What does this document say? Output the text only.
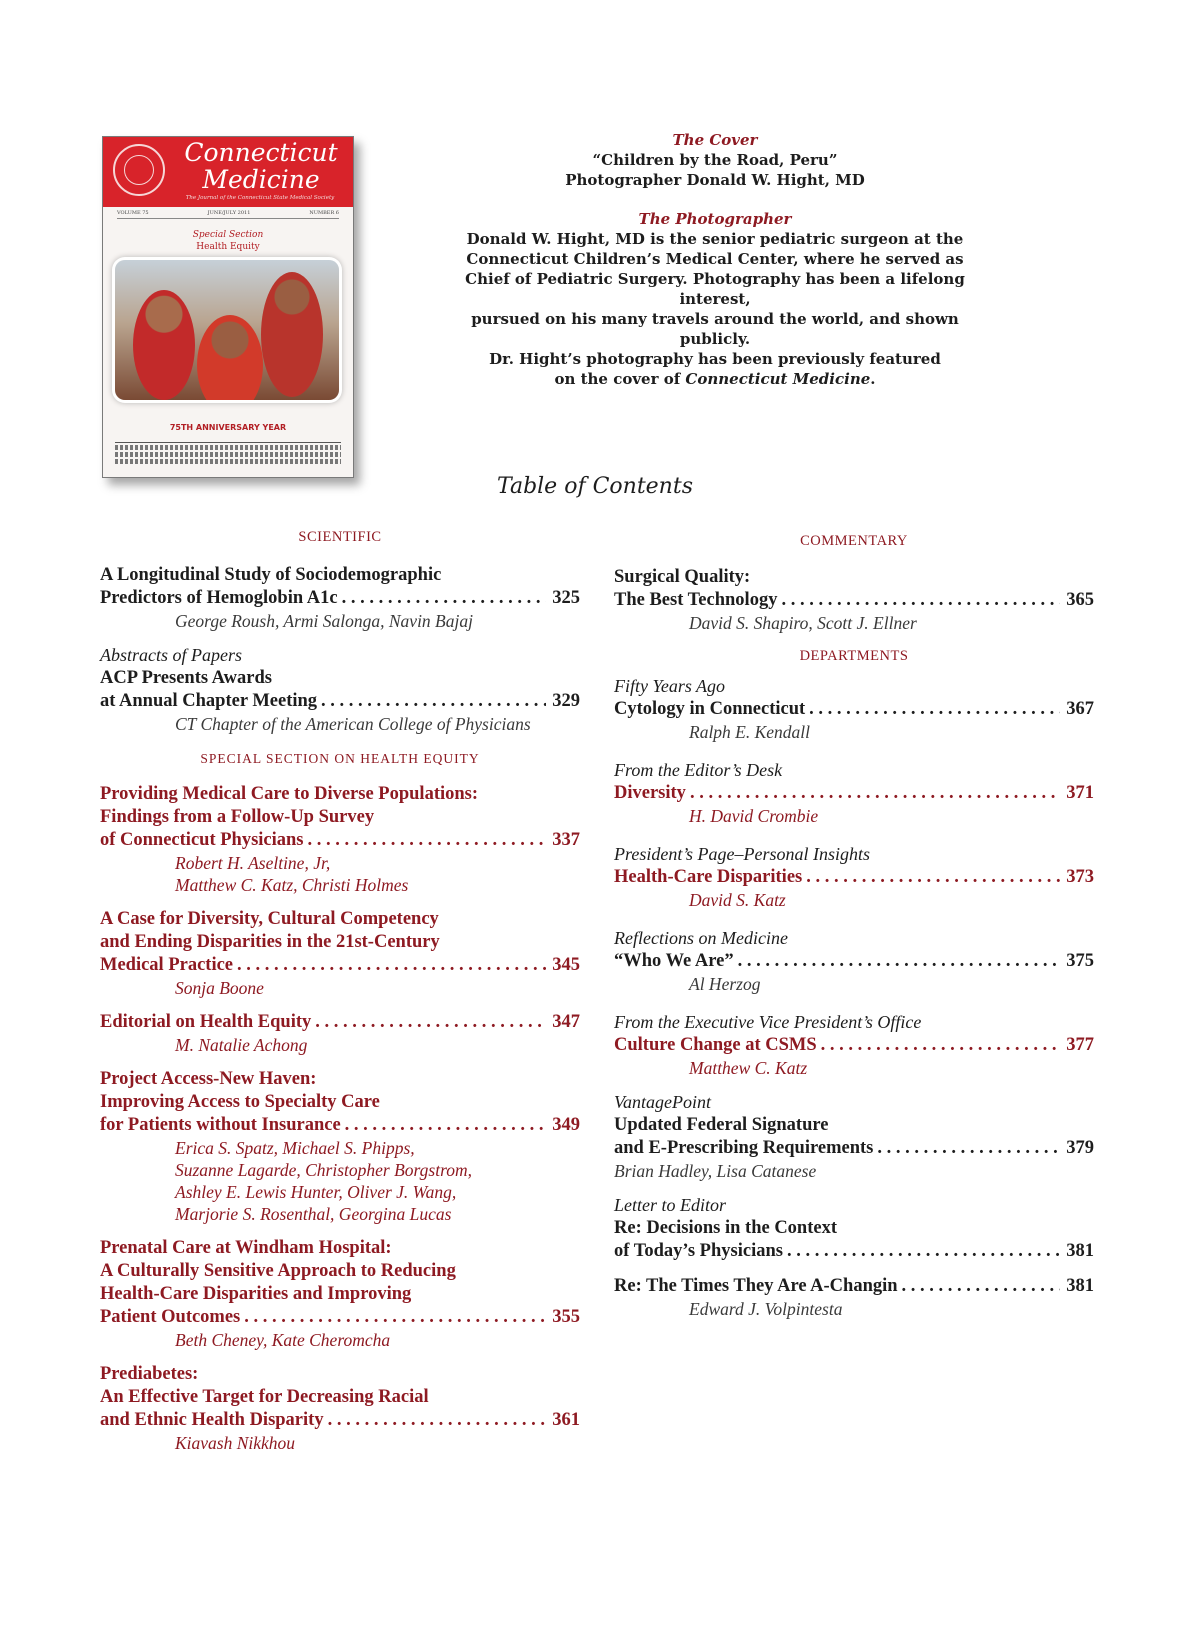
Connecticut
Medicine
The Journal of the Connecticut State Medical Society
VOLUME 75	JUNE/JULY 2011	NUMBER 6
Special Section
Health Equity
75TH ANNIVERSARY YEAR
The Cover
“Children by the Road, Peru”
Photographer Donald W. Hight, MD
The Photographer
Donald W. Hight, MD is the senior pediatric surgeon at the
Connecticut Children’s Medical Center, where he served as
Chief of Pediatric Surgery. Photography has been a lifelong interest,
pursued on his many travels around the world, and shown publicly.
Dr. Hight’s photography has been previously featured
on the cover of Connecticut Medicine.
Table of Contents
SCIENTIFIC
A Longitudinal Study of Sociodemographic
Predictors of Hemoglobin A1c . . .	325
George Roush, Armi Salonga, Navin Bajaj
Abstracts of Papers
ACP Presents Awards
at Annual Chapter Meeting . . .	329
CT Chapter of the American College of Physicians
SPECIAL SECTION ON HEALTH EQUITY
Providing Medical Care to Diverse Populations:
Findings from a Follow-Up Survey
of Connecticut Physicians . . .	337
Robert H. Aseltine, Jr,
Matthew C. Katz, Christi Holmes
A Case for Diversity, Cultural Competency
and Ending Disparities in the 21st-Century
Medical Practice . . .	345
Sonja Boone
Editorial on Health Equity . . .	347
M. Natalie Achong
Project Access-New Haven:
Improving Access to Specialty Care
for Patients without Insurance . . .	349
Erica S. Spatz, Michael S. Phipps,
Suzanne Lagarde, Christopher Borgstrom,
Ashley E. Lewis Hunter, Oliver J. Wang,
Marjorie S. Rosenthal, Georgina Lucas
Prenatal Care at Windham Hospital:
A Culturally Sensitive Approach to Reducing
Health-Care Disparities and Improving
Patient Outcomes . . .	355
Beth Cheney, Kate Cheromcha
Prediabetes:
An Effective Target for Decreasing Racial
and Ethnic Health Disparity . . .	361
Kiavash Nikkhou
COMMENTARY
Surgical Quality:
The Best Technology . . .	365
David S. Shapiro, Scott J. Ellner
DEPARTMENTS
Fifty Years Ago
Cytology in Connecticut . . .	367
Ralph E. Kendall
From the Editor’s Desk
Diversity . . .	371
H. David Crombie
President’s Page–Personal Insights
Health-Care Disparities . . .	373
David S. Katz
Reflections on Medicine
“Who We Are” . . .	375
Al Herzog
From the Executive Vice President’s Office
Culture Change at CSMS . . .	377
Matthew C. Katz
VantagePoint
Updated Federal Signature
and E-Prescribing Requirements . . .	379
Brian Hadley, Lisa Catanese
Letter to Editor
Re: Decisions in the Context
of Today’s Physicians . . .	381
Re: The Times They Are A-Changin . . .	381
Edward J. Volpintesta
